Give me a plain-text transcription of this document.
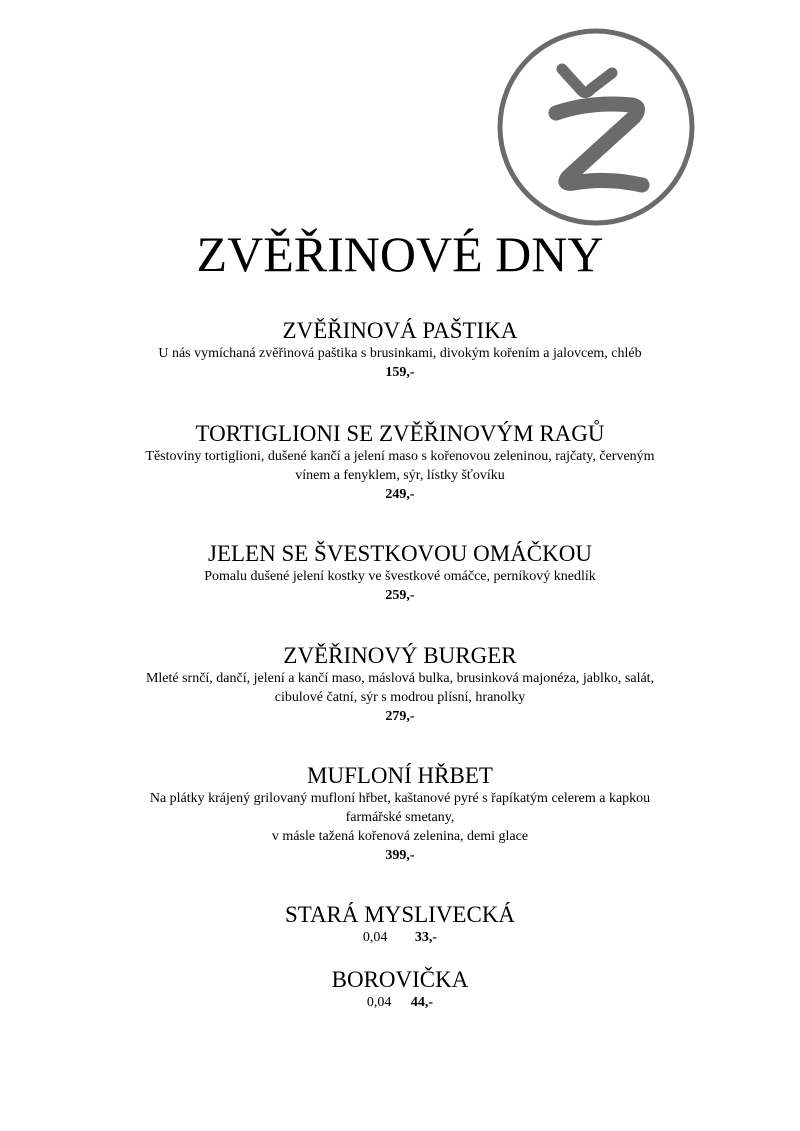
ZVĚŘINOVÉ DNY
ZVĚŘINOVÁ PAŠTIKA
U nás vymíchaná zvěřinová paštika s brusinkami, divokým kořením a jalovcem, chléb
159,-
TORTIGLIONI SE ZVĚŘINOVÝM RAGŮ
Těstoviny tortiglioni, dušené kančí a jelení maso s kořenovou zeleninou, rajčaty, červeným
vínem a fenyklem, sýr, lístky šťovíku
249,-
JELEN SE ŠVESTKOVOU OMÁČKOU
Pomalu dušené jelení kostky ve švestkové omáčce, perníkový knedlík
259,-
ZVĚŘINOVÝ BURGER
Mleté srnčí, dančí, jelení a kančí maso, máslová bulka, brusinková majonéza, jablko, salát,
cibulové čatní, sýr s modrou plísní, hranolky
279,-
MUFLONÍ HŘBET
Na plátky krájený grilovaný mufloní hřbet, kaštanové pyré s řapíkatým celerem a kapkou
farmářské smetany,
v másle tažená kořenová zelenina, demi glace
399,-
STARÁ MYSLIVECKÁ
0,04 33,-
BOROVIČKA
0,04 44,-
